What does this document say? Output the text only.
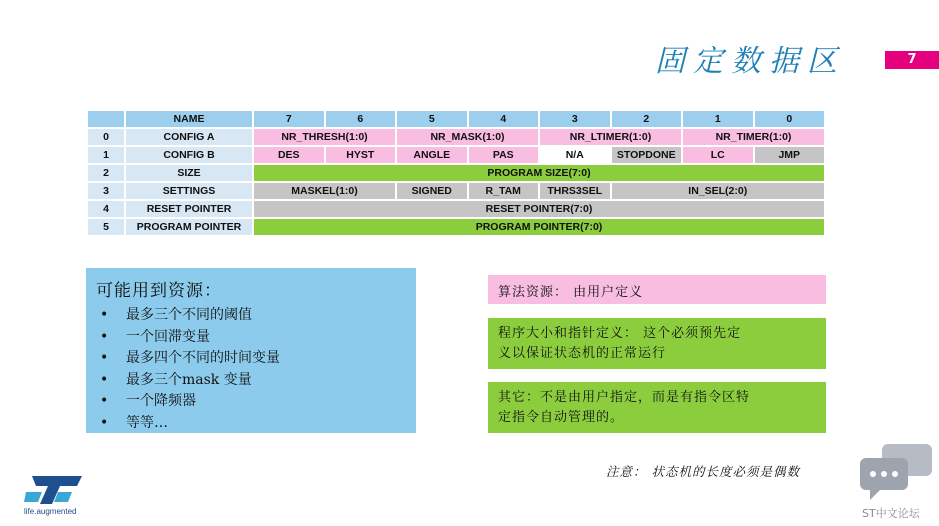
固定数据区	7
	NAME	7	6	5	4	3	2	1	0
0	CONFIG A	NR_THRESH(1:0)		NR_MASK(1:0)		NR_LTIMER(1:0)		NR_TIMER(1:0)	
1	CONFIG B	DES	HYST	ANGLE	PAS	N/A	STOPDONE	LC	JMP
2	SIZE	PROGRAM SIZE(7:0)							
3	SETTINGS	MASKEL(1:0)		SIGNED	R_TAM	THRS3SEL	IN_SEL(2:0)		
4	RESET POINTER	RESET POINTER(7:0)							
5	PROGRAM POINTER	PROGRAM POINTER(7:0)							
可能用到资源：
•	最多三个不同的阈值
•	一个回滞变量
•	最多四个不同的时间变量
•	最多三个mask 变量
•	一个降频器
•	等等…
算法资源： 由用户定义
程序大小和指针定义： 这个必须预先定
义以保证状态机的正常运行
其它：不是由用户指定，而是有指令区特
定指令自动管理的。
注意： 状态机的长度必须是偶数
life.augmented	ST中文论坛
